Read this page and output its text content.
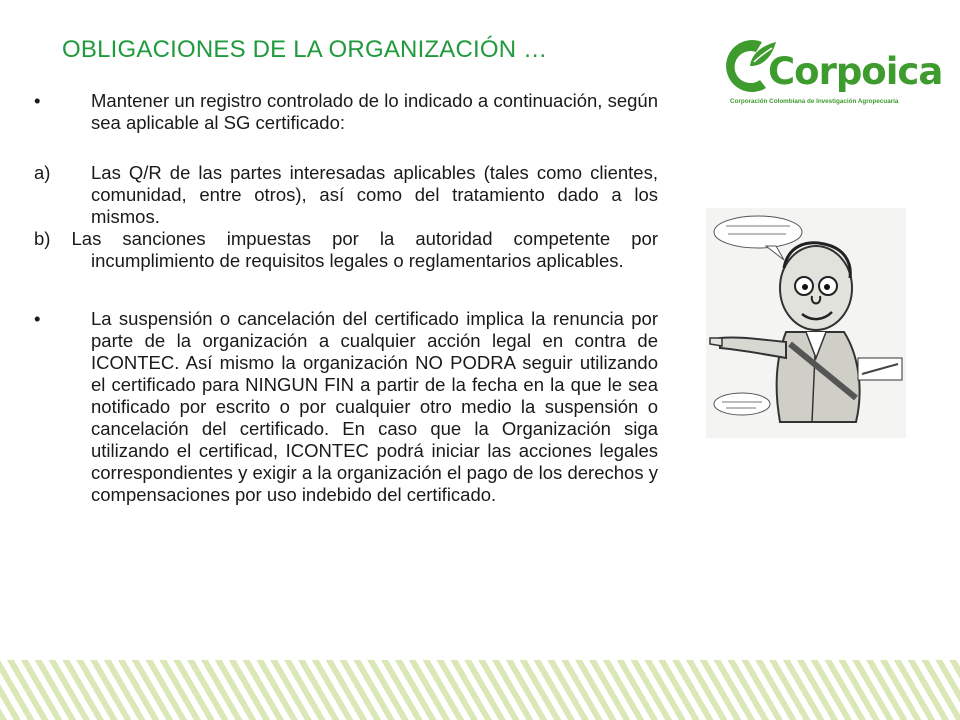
OBLIGACIONES DE LA ORGANIZACIÓN …
Corpoica
Corporación Colombiana de Investigación Agropecuaria
•	Mantener un registro controlado de lo indicado a continuación, según sea aplicable al SG certificado:
a)	Las Q/R de las partes interesadas aplicables (tales como clientes, comunidad, entre otros), así como del tratamiento dado a los mismos.
b) Las sanciones impuestas por la autoridad competente por incumplimiento de requisitos legales o reglamentarios aplicables.
•	La suspensión o cancelación del certificado implica la renuncia por parte de la organización a cualquier acción legal en contra de ICONTEC. Así mismo la organización NO PODRA seguir utilizando el certificado para NINGUN FIN a partir de la fecha en la que le sea notificado por escrito o por cualquier otro medio la suspensión o cancelación del certificado. En caso que la Organización siga utilizando el certificad, ICONTEC podrá iniciar las acciones legales correspondientes y exigir a la organización el pago de los derechos y compensaciones por uso indebido del certificado.
